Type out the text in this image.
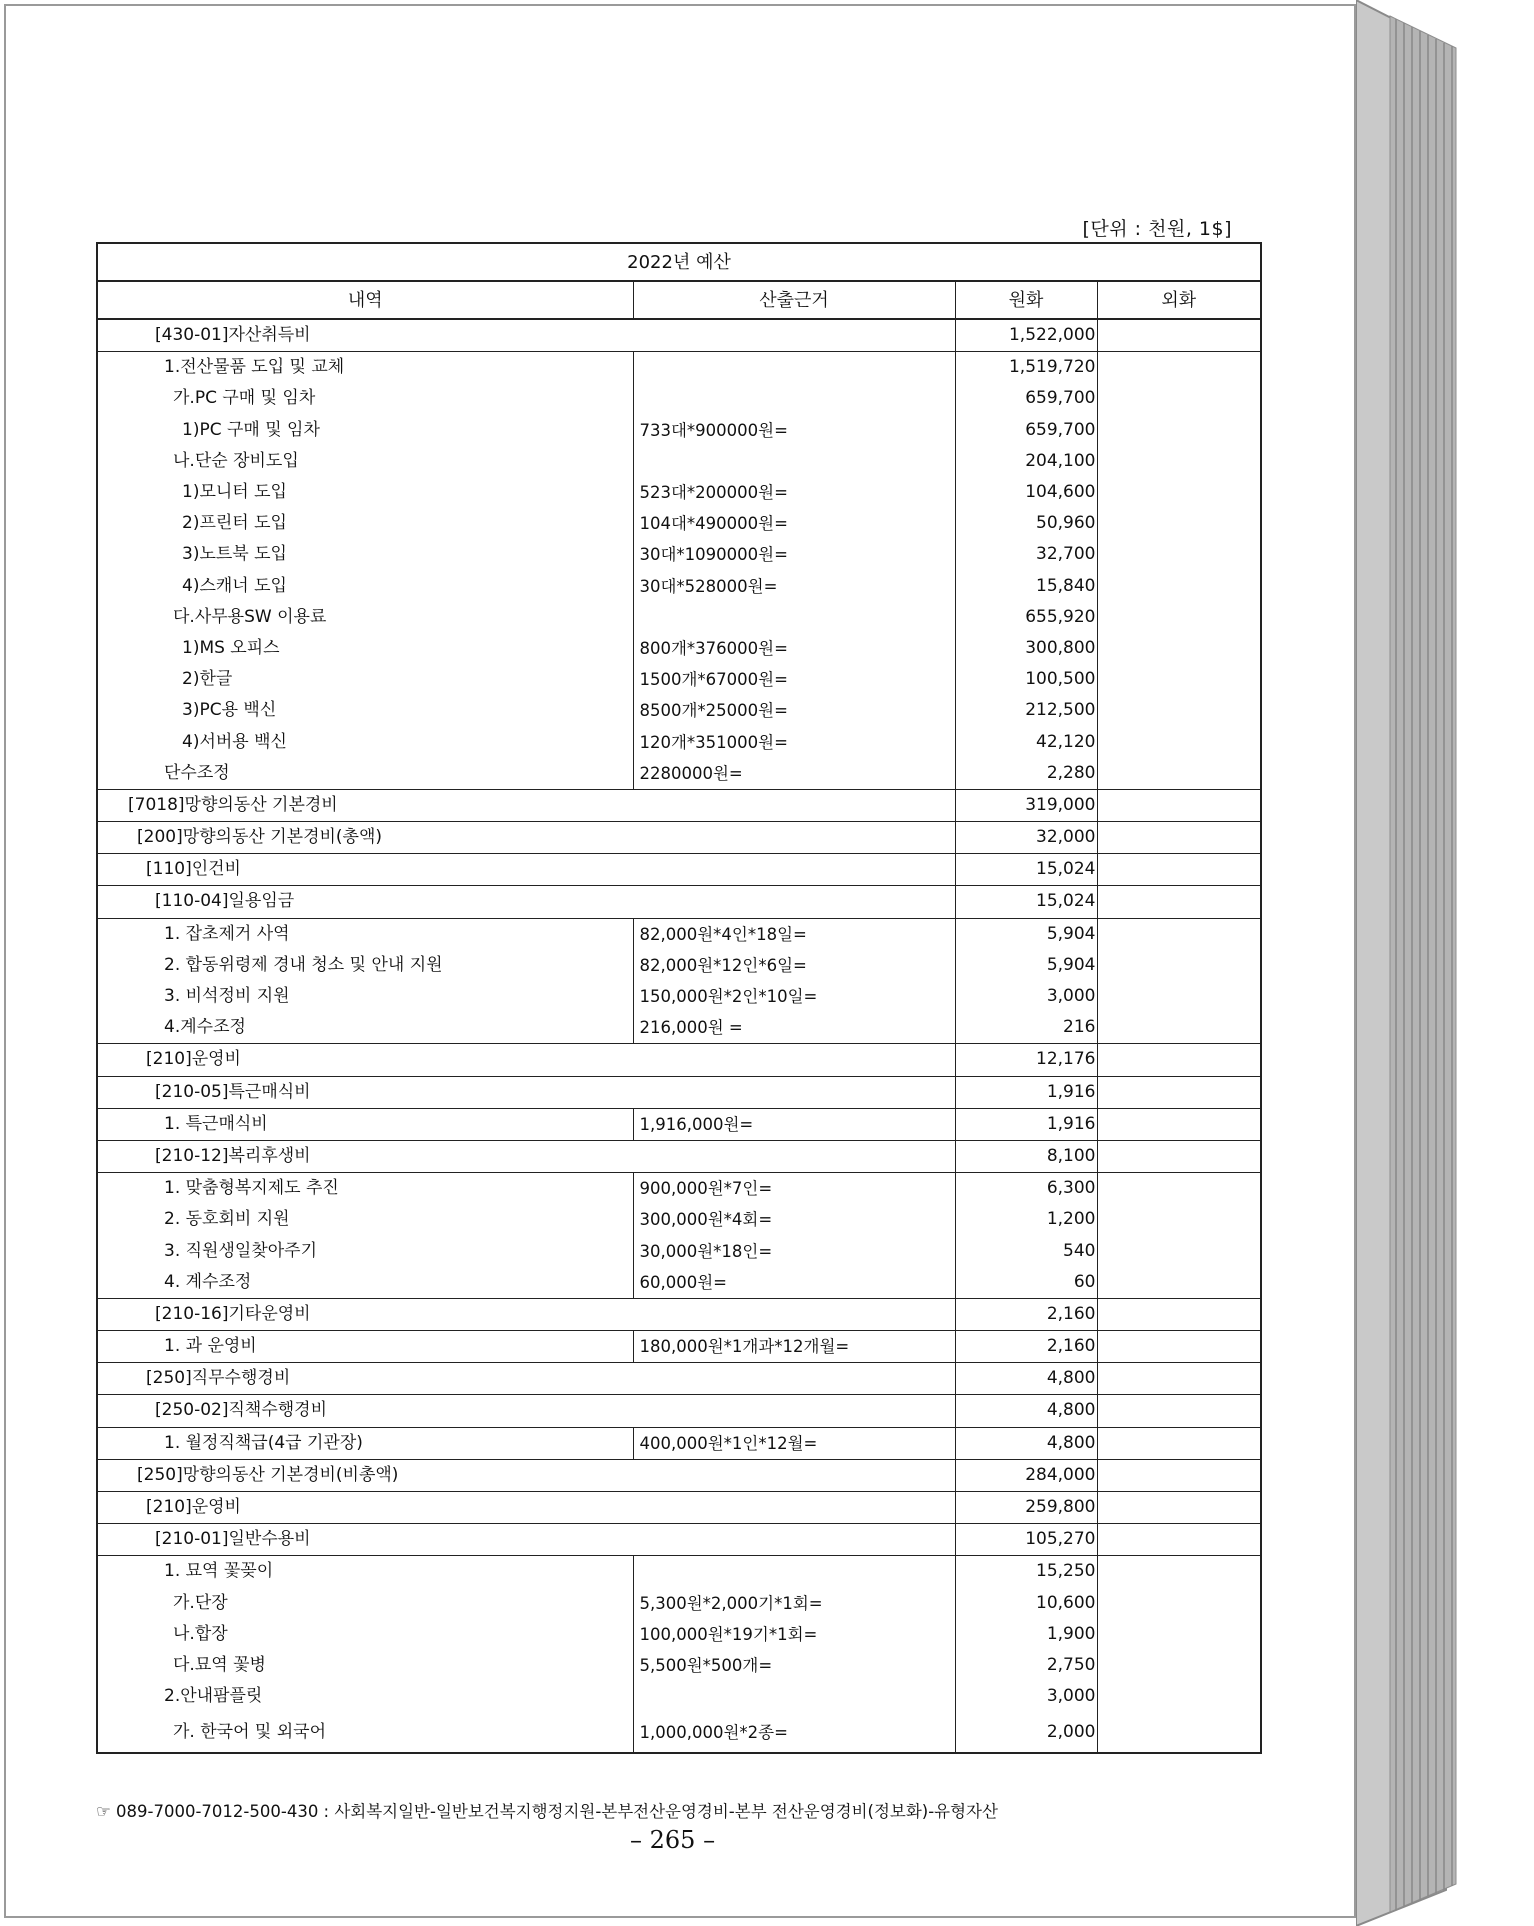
[단위 : 천원, 1$]
2022년 예산			
내역	산출근거	원화	외화
[430-01]자산취득비		1,522,000	
1.전산물품 도입 및 교체		1,519,720	
가.PC 구매 및 임차		659,700	
1)PC 구매 및 임차	733대*900000원=	659,700	
나.단순 장비도입		204,100	
1)모니터 도입	523대*200000원=	104,600	
2)프린터 도입	104대*490000원=	50,960	
3)노트북 도입	30대*1090000원=	32,700	
4)스캐너 도입	30대*528000원=	15,840	
다.사무용SW 이용료		655,920	
1)MS 오피스	800개*376000원=	300,800	
2)한글	1500개*67000원=	100,500	
3)PC용 백신	8500개*25000원=	212,500	
4)서버용 백신	120개*351000원=	42,120	
단수조정	2280000원=	2,280	
[7018]망향의동산 기본경비		319,000	
[200]망향의동산 기본경비(총액)		32,000	
[110]인건비		15,024	
[110-04]일용임금		15,024	
1. 잡초제거 사역	82,000원*4인*18일=	5,904	
2. 합동위령제 경내 청소 및 안내 지원	82,000원*12인*6일=	5,904	
3. 비석정비 지원	150,000원*2인*10일=	3,000	
4.계수조정	216,000원 =	216	
[210]운영비		12,176	
[210-05]특근매식비		1,916	
1. 특근매식비	1,916,000원=	1,916	
[210-12]복리후생비		8,100	
1. 맞춤형복지제도 추진	900,000원*7인=	6,300	
2. 동호회비 지원	300,000원*4회=	1,200	
3. 직원생일찾아주기	30,000원*18인=	540	
4. 계수조정	60,000원=	60	
[210-16]기타운영비		2,160	
1. 과 운영비	180,000원*1개과*12개월=	2,160	
[250]직무수행경비		4,800	
[250-02]직책수행경비		4,800	
1. 월정직책급(4급 기관장)	400,000원*1인*12월=	4,800	
[250]망향의동산 기본경비(비총액)		284,000	
[210]운영비		259,800	
[210-01]일반수용비		105,270	
1. 묘역 꽃꽂이		15,250	
가.단장	5,300원*2,000기*1회=	10,600	
나.합장	100,000원*19기*1회=	1,900	
다.묘역 꽃병	5,500원*500개=	2,750	
2.안내팜플릿		3,000	
가. 한국어 및 외국어	1,000,000원*2종=	2,000	
☞ 089-7000-7012-500-430 : 사회복지일반-일반보건복지행정지원-본부전산운영경비-본부 전산운영경비(정보화)-유형자산
– 265 –
